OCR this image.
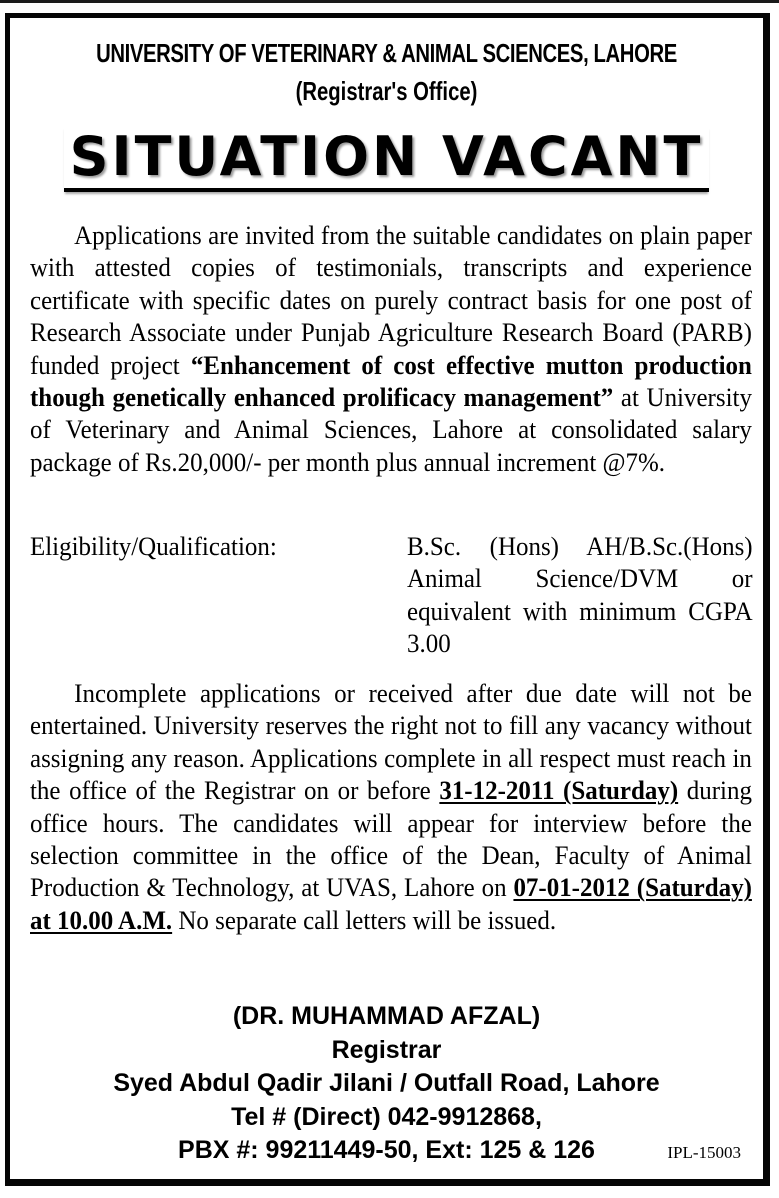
UNIVERSITY OF VETERINARY & ANIMAL SCIENCES, LAHORE
(Registrar's Office)
SITUATION VACANT
Applications are invited from the suitable candidates on plain paper with attested copies of testimonials, transcripts and experience certificate with specific dates on purely contract basis for one post of Research Associate under Punjab Agriculture Research Board (PARB) funded project “Enhancement of cost effective mutton production though genetically enhanced prolificacy management” at University of Veterinary and Animal Sciences, Lahore at consolidated salary package of Rs.20,000/- per month plus annual increment @7%.
Eligibility/Qualification:	B.Sc. (Hons) AH/B.Sc.(Hons) Animal Science/DVM or equivalent with minimum CGPA 3.00
Incomplete applications or received after due date will not be entertained. University reserves the right not to fill any vacancy without assigning any reason. Applications complete in all respect must reach in the office of the Registrar on or before 31-12-2011 (Saturday) during office hours. The candidates will appear for interview before the selection committee in the office of the Dean, Faculty of Animal Production & Technology, at UVAS, Lahore on 07-01-2012 (Saturday) at 10.00 A.M. No separate call letters will be issued.
(DR. MUHAMMAD AFZAL)
Registrar
Syed Abdul Qadir Jilani / Outfall Road, Lahore
Tel # (Direct) 042-9912868,
PBX #: 99211449-50, Ext: 125 & 126	IPL-15003
